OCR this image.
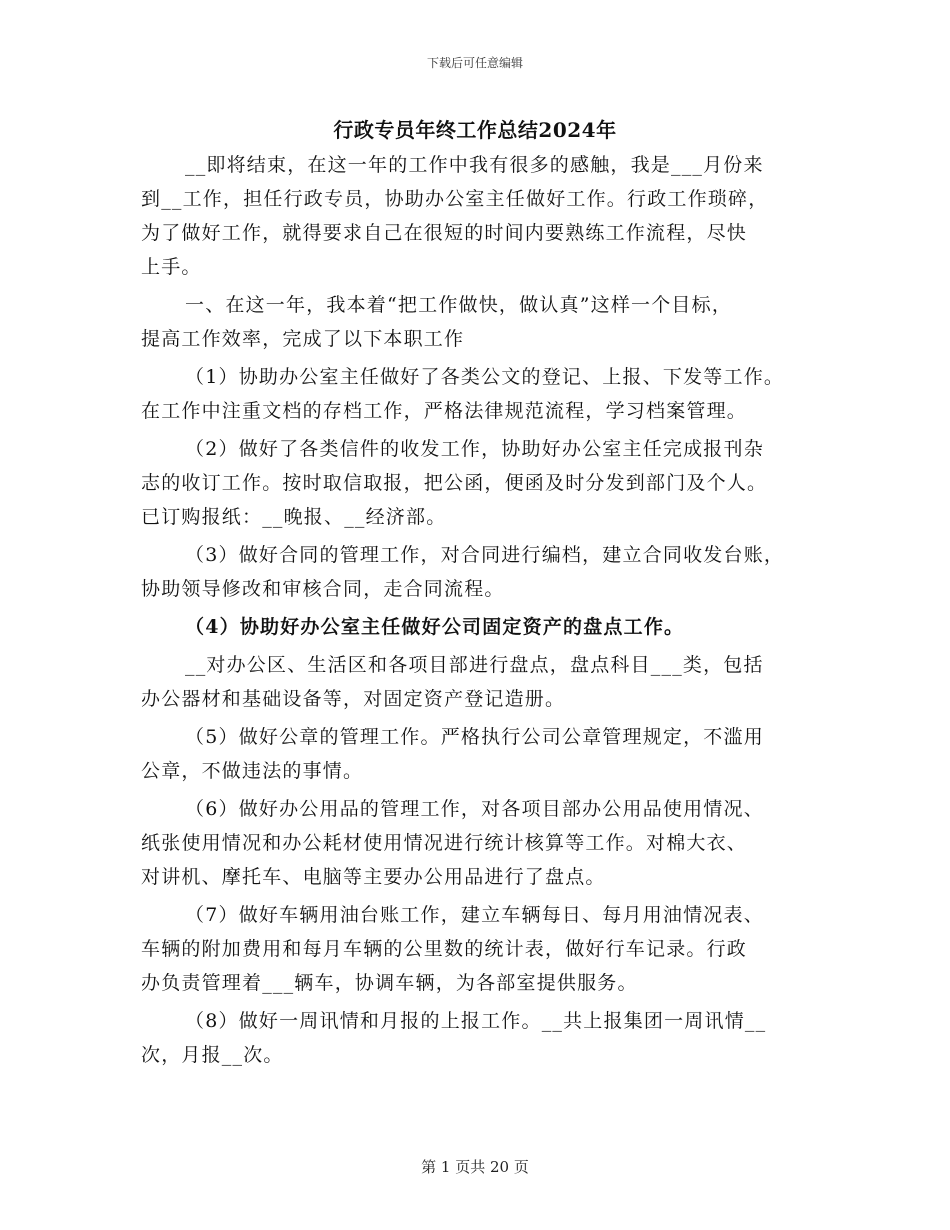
下载后可任意编辑
行政专员年终工作总结2024年
__即将结束，在这一年的工作中我有很多的感触，我是___月份来
到__工作，担任行政专员，协助办公室主任做好工作。行政工作琐碎，
为了做好工作，就得要求自己在很短的时间内要熟练工作流程，尽快
上手。
一、在这一年，我本着“把工作做快，做认真”这样一个目标，
提高工作效率，完成了以下本职工作
（1）协助办公室主任做好了各类公文的登记、上报、下发等工作。
在工作中注重文档的存档工作，严格法律规范流程，学习档案管理。
（2）做好了各类信件的收发工作，协助好办公室主任完成报刊杂
志的收订工作。按时取信取报，把公函，便函及时分发到部门及个人。
已订购报纸：__晚报、__经济部。
（3）做好合同的管理工作，对合同进行编档，建立合同收发台账，
协助领导修改和审核合同，走合同流程。
（4）协助好办公室主任做好公司固定资产的盘点工作。
__对办公区、生活区和各项目部进行盘点，盘点科目___类，包括
办公器材和基础设备等，对固定资产登记造册。
（5）做好公章的管理工作。严格执行公司公章管理规定，不滥用
公章，不做违法的事情。
（6）做好办公用品的管理工作，对各项目部办公用品使用情况、
纸张使用情况和办公耗材使用情况进行统计核算等工作。对棉大衣、
对讲机、摩托车、电脑等主要办公用品进行了盘点。
（7）做好车辆用油台账工作，建立车辆每日、每月用油情况表、
车辆的附加费用和每月车辆的公里数的统计表，做好行车记录。行政
办负责管理着___辆车，协调车辆，为各部室提供服务。
（8）做好一周讯情和月报的上报工作。__共上报集团一周讯情__
次，月报__次。
第 1 页共 20 页
